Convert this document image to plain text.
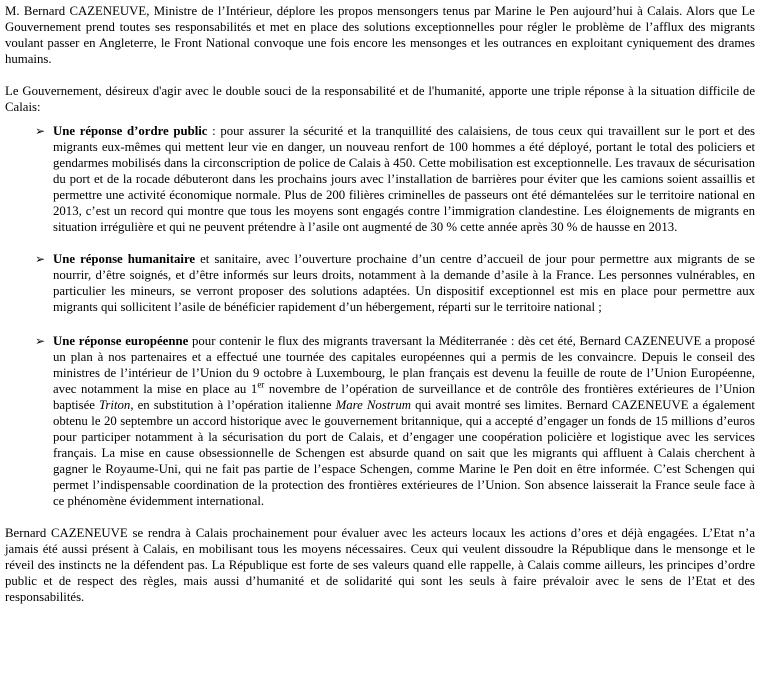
M. Bernard CAZENEUVE, Ministre de l’Intérieur, déplore les propos mensongers tenus par Marine le Pen aujourd’hui à Calais. Alors que Le Gouvernement prend toutes ses responsabilités et met en place des solutions exceptionnelles pour régler le problème de l’afflux des migrants voulant passer en Angleterre, le Front National convoque une fois encore les mensonges et les outrances en exploitant cyniquement des drames humains.

Le Gouvernement, désireux d'agir avec le double souci de la responsabilité et de l'humanité, apporte une triple réponse à la situation difficile de Calais:

➢ Une réponse d’ordre public : pour assurer la sécurité et la tranquillité des calaisiens, de tous ceux qui travaillent sur le port et des migrants eux-mêmes qui mettent leur vie en danger, un nouveau renfort de 100 hommes a été déployé, portant le total des policiers et gendarmes mobilisés dans la circonscription de police de Calais à 450. Cette mobilisation est exceptionnelle. Les travaux de sécurisation du port et de la rocade débuteront dans les prochains jours avec l’installation de barrières pour éviter que les camions soient assaillis et permettre une activité économique normale. Plus de 200 filières criminelles de passeurs ont été démantelées sur le territoire national en 2013, c’est un record qui montre que tous les moyens sont engagés contre l’immigration clandestine. Les éloignements de migrants en situation irrégulière et qui ne peuvent prétendre à l’asile ont augmenté de 30 % cette année après 30 % de hausse en 2013.
➢ Une réponse humanitaire et sanitaire, avec l’ouverture prochaine d’un centre d’accueil de jour pour permettre aux migrants de se nourrir, d’être soignés, et d’être informés sur leurs droits, notamment à la demande d’asile à la France. Les personnes vulnérables, en particulier les mineurs, se verront proposer des solutions adaptées. Un dispositif exceptionnel est mis en place pour permettre aux migrants qui sollicitent l’asile de bénéficier rapidement d’un hébergement, réparti sur le territoire national ;
➢ Une réponse européenne pour contenir le flux des migrants traversant la Méditerranée : dès cet été, Bernard CAZENEUVE a proposé un plan à nos partenaires et a effectué une tournée des capitales européennes qui a permis de les convaincre. Depuis le conseil des ministres de l’intérieur de l’Union du 9 octobre à Luxembourg, le plan français est devenu la feuille de route de l’Union Européenne, avec notamment la mise en place au 1er novembre de l’opération de surveillance et de contrôle des frontières extérieures de l’Union baptisée Triton, en substitution à l’opération italienne Mare Nostrum qui avait montré ses limites. Bernard CAZENEUVE a également obtenu le 20 septembre un accord historique avec le gouvernement britannique, qui a accepté d’engager un fonds de 15 millions d’euros pour participer notamment à la sécurisation du port de Calais, et d’engager une coopération policière et logistique avec les services français. La mise en cause obsessionnelle de Schengen est absurde quand on sait que les migrants qui affluent à Calais cherchent à gagner le Royaume-Uni, qui ne fait pas partie de l’espace Schengen, comme Marine le Pen doit en être informée. C’est Schengen qui permet l’indispensable coordination de la protection des frontières extérieures de l’Union. Son absence laisserait la France seule face à ce phénomène évidemment international.

Bernard CAZENEUVE se rendra à Calais prochainement pour évaluer avec les acteurs locaux les actions d’ores et déjà engagées. L’Etat n’a jamais été aussi présent à Calais, en mobilisant tous les moyens nécessaires. Ceux qui veulent dissoudre la République dans le mensonge et le réveil des instincts ne la défendent pas. La République est forte de ses valeurs quand elle rappelle, à Calais comme ailleurs, les principes d’ordre public et de respect des règles, mais aussi d’humanité et de solidarité qui sont les seuls à faire prévaloir avec le sens de l’Etat et des responsabilités.
